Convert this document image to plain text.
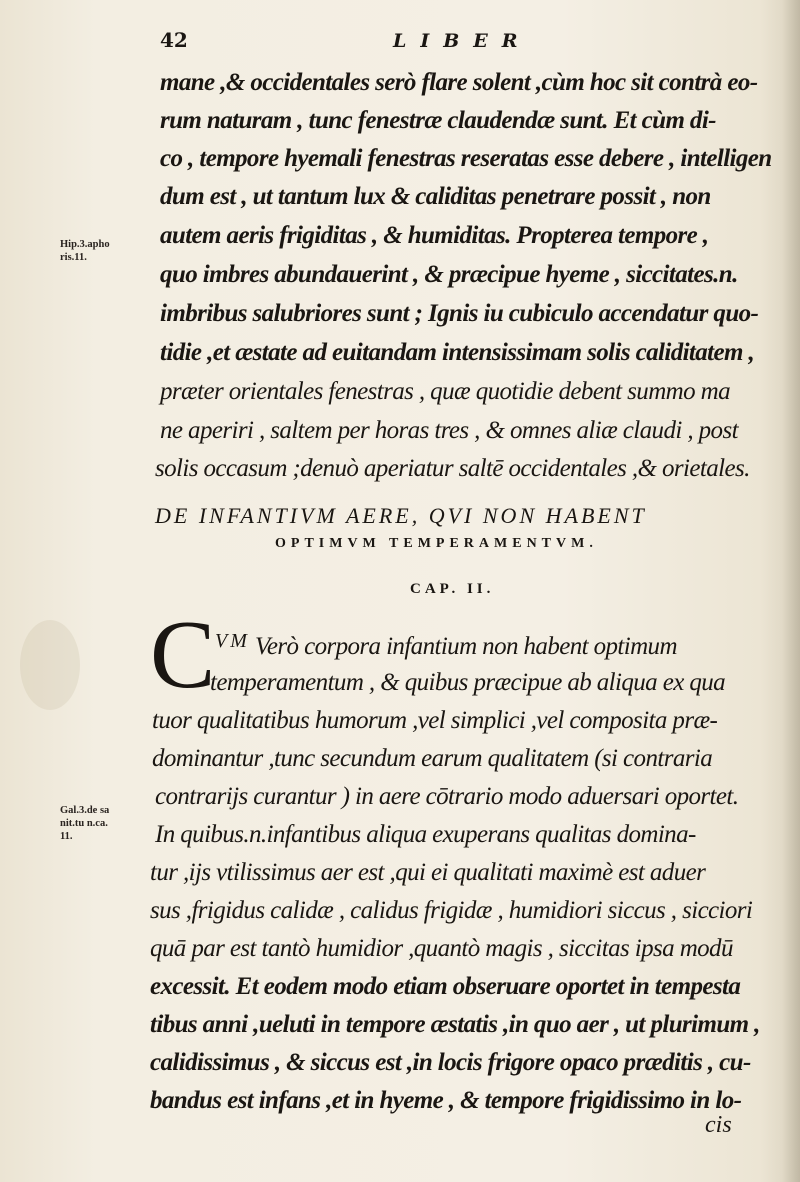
42	LIBER
mane ,& occidentales serò flare solent ,cùm hoc sit contrà eo-
rum naturam , tunc fenestræ claudendæ sunt. Et cùm di-
co , tempore hyemali fenestras reseratas esse debere , intelligen
dum est , ut tantum lux & caliditas penetrare possit , non
autem aeris frigiditas , & humiditas. Propterea tempore ,
quo imbres abundauerint , & præcipue hyeme , siccitates.n.
imbribus salubriores sunt ; Ignis iu cubiculo accendatur quo-
tidie ,et æstate ad euitandam intensissimam solis caliditatem ,
præter orientales fenestras , quæ quotidie debent summo ma
ne aperiri , saltem per horas tres , & omnes aliæ claudi , post
solis occasum ;denuò aperiatur saltē occidentales ,& orietales.
Hip.3.apho
ris.11.
DE INFANTIVM AERE, QVI NON HABENT
OPTIMVM TEMPERAMENTVM.
CAP. II.
C VM Verò corpora infantium non habent optimum
temperamentum , & quibus præcipue ab aliqua ex qua
tuor qualitatibus humorum ,vel simplici ,vel composita præ-
dominantur ,tunc secundum earum qualitatem (si contraria
contrarijs curantur ) in aere cōtrario modo aduersari oportet.
In quibus.n.infantibus aliqua exuperans qualitas domina-
tur ,ijs vtilissimus aer est ,qui ei qualitati maximè est aduer
sus ,frigidus calidæ , calidus frigidæ , humidiori siccus , sicciori
quā par est tantò humidior ,quantò magis , siccitas ipsa modū
excessit. Et eodem modo etiam obseruare oportet in tempesta
tibus anni ,ueluti in tempore æstatis ,in quo aer , ut plurimum ,
calidissimus , & siccus est ,in locis frigore opaco præditis , cu-
bandus est infans ,et in hyeme , & tempore frigidissimo in lo-
Gal.3.de sa
nit.tu n.ca.
11.
cis
